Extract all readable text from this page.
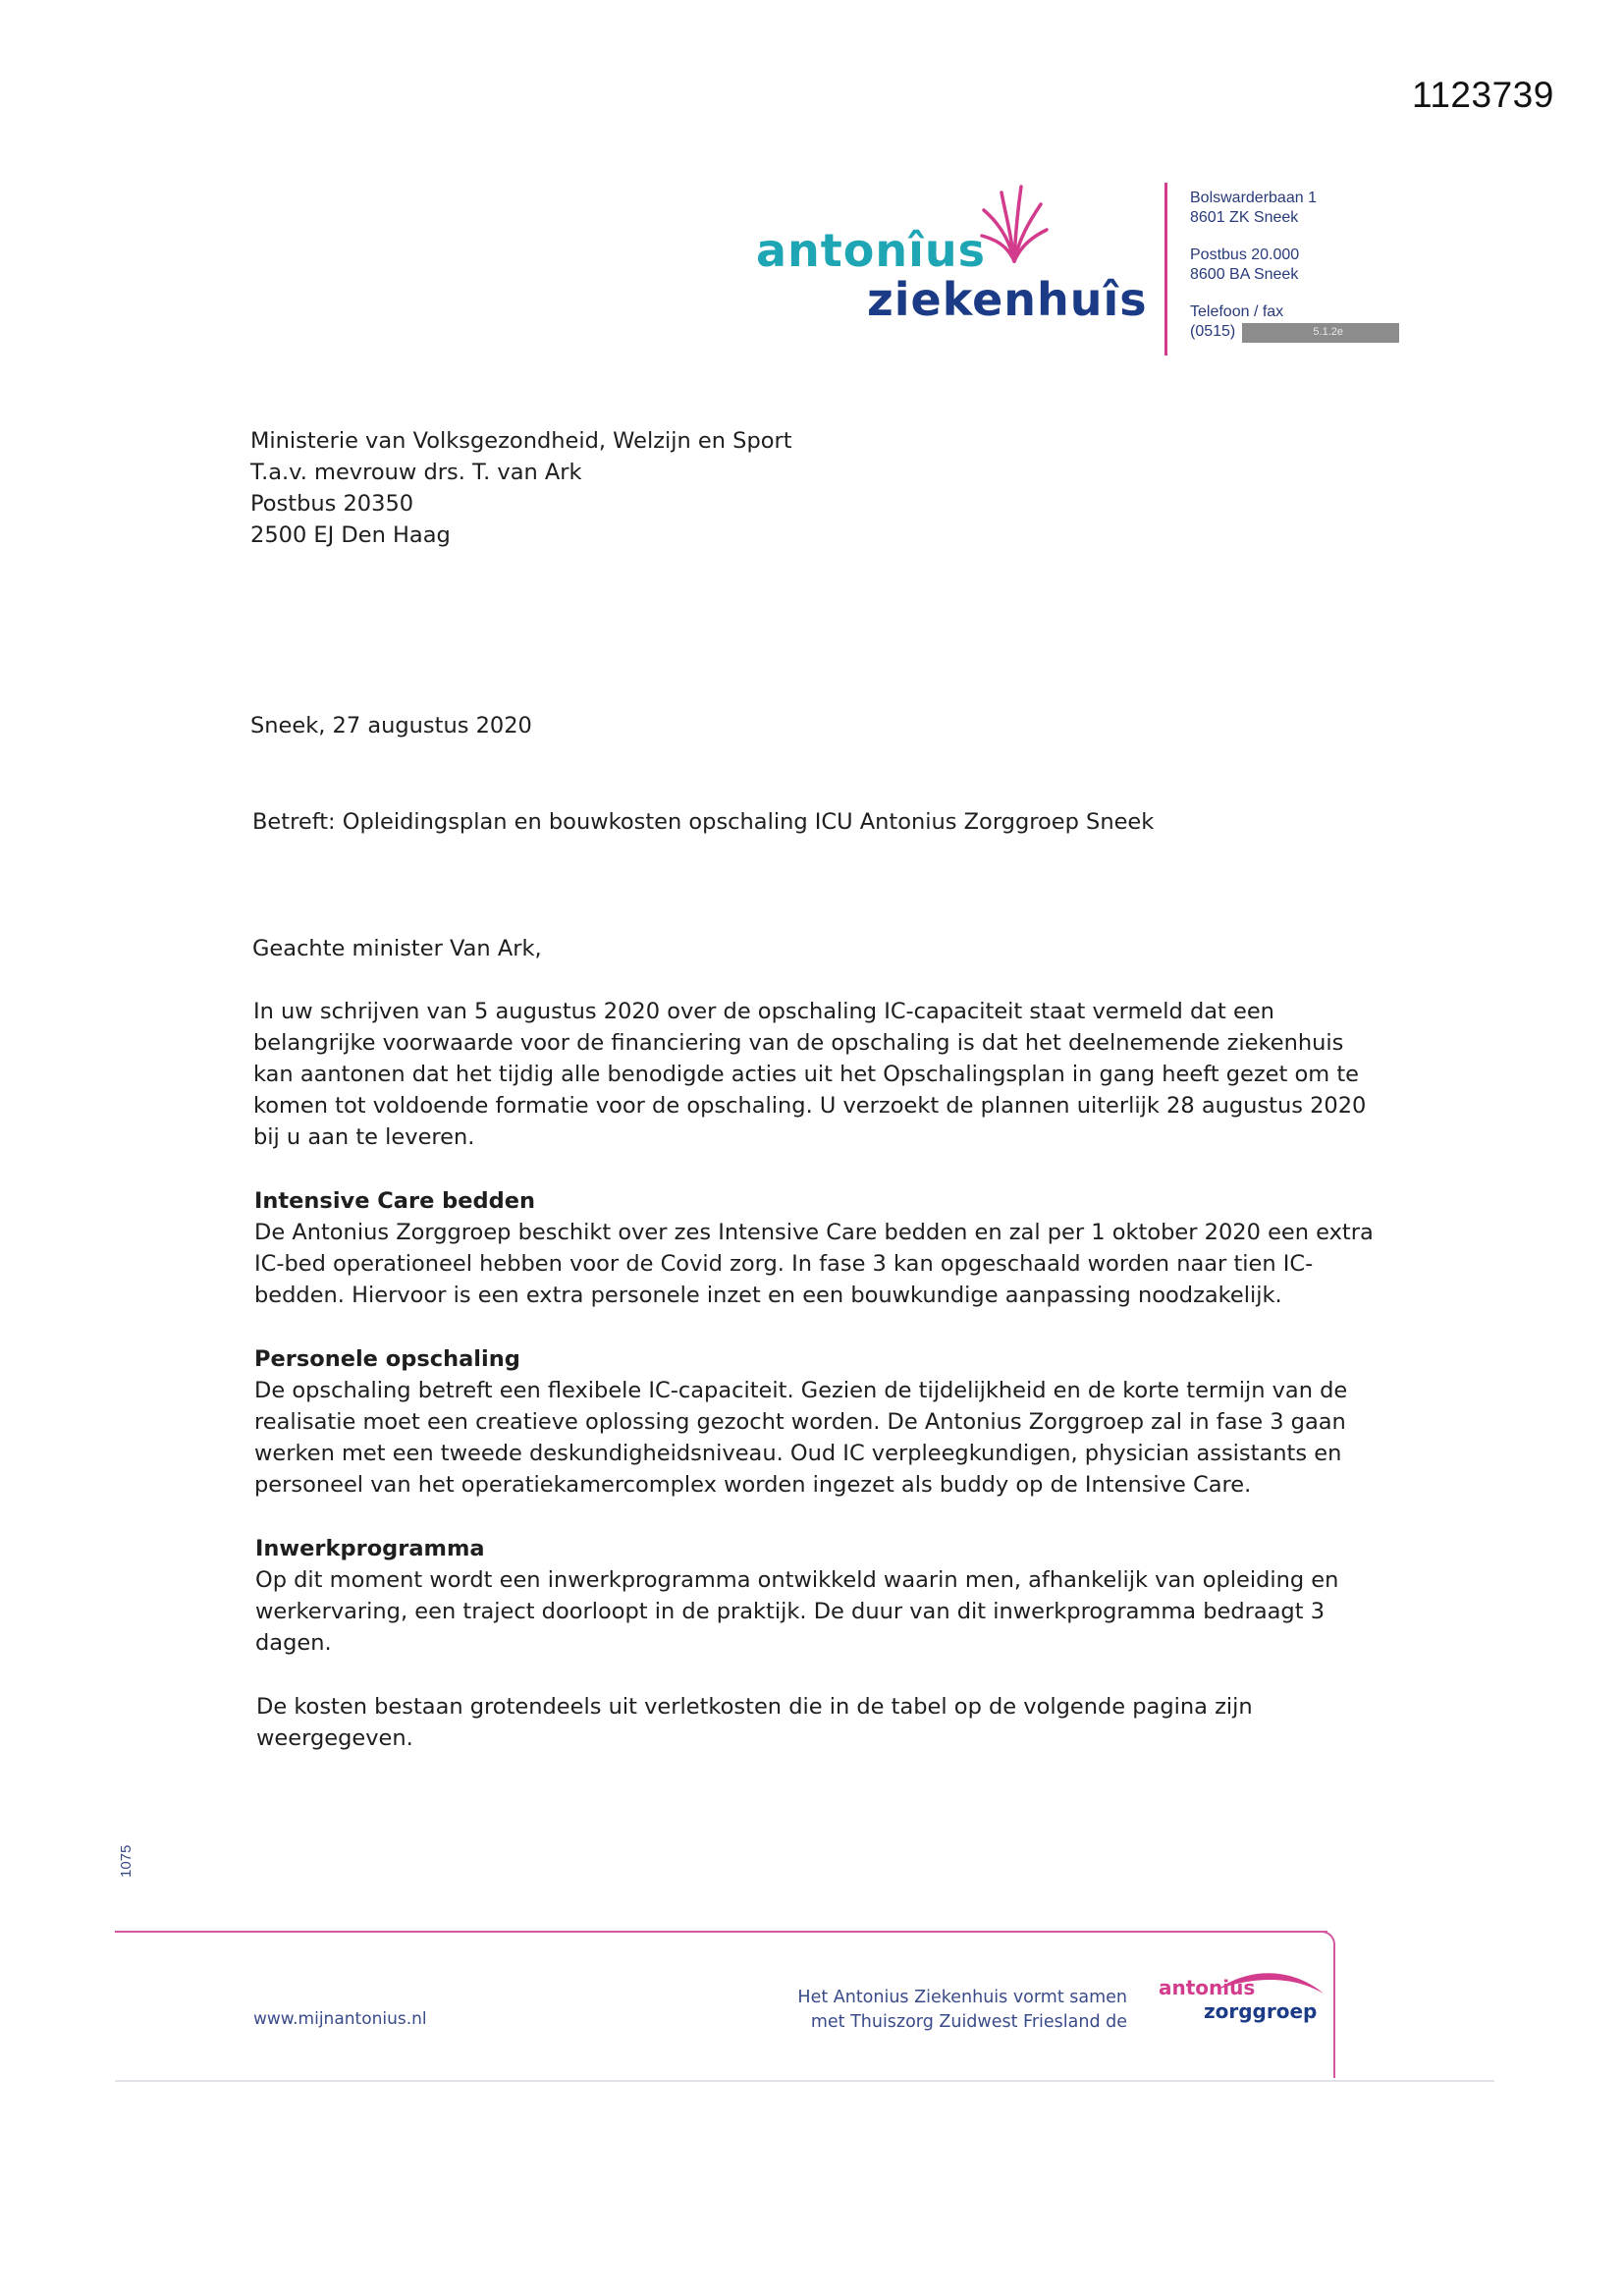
1123739
antonîus
ziekenhuîs
Bolswarderbaan 1
8601 ZK Sneek
Postbus 20.000
8600 BA Sneek
Telefoon / fax
(0515)	5.1.2e
Ministerie van Volksgezondheid, Welzijn en Sport
T.a.v. mevrouw drs. T. van Ark
Postbus 20350
2500 EJ Den Haag
Sneek, 27 augustus 2020
Betreft: Opleidingsplan en bouwkosten opschaling ICU Antonius Zorggroep Sneek
Geachte minister Van Ark,
In uw schrijven van 5 augustus 2020 over de opschaling IC-capaciteit staat vermeld dat een
belangrijke voorwaarde voor de financiering van de opschaling is dat het deelnemende ziekenhuis
kan aantonen dat het tijdig alle benodigde acties uit het Opschalingsplan in gang heeft gezet om te
komen tot voldoende formatie voor de opschaling. U verzoekt de plannen uiterlijk 28 augustus 2020
bij u aan te leveren.
Intensive Care bedden
De Antonius Zorggroep beschikt over zes Intensive Care bedden en zal per 1 oktober 2020 een extra
IC-bed operationeel hebben voor de Covid zorg. In fase 3 kan opgeschaald worden naar tien IC-
bedden. Hiervoor is een extra personele inzet en een bouwkundige aanpassing noodzakelijk.
Personele opschaling
De opschaling betreft een flexibele IC-capaciteit. Gezien de tijdelijkheid en de korte termijn van de
realisatie moet een creatieve oplossing gezocht worden. De Antonius Zorggroep zal in fase 3 gaan
werken met een tweede deskundigheidsniveau. Oud IC verpleegkundigen, physician assistants en
personeel van het operatiekamercomplex worden ingezet als buddy op de Intensive Care.
Inwerkprogramma
Op dit moment wordt een inwerkprogramma ontwikkeld waarin men, afhankelijk van opleiding en
werkervaring, een traject doorloopt in de praktijk. De duur van dit inwerkprogramma bedraagt 3
dagen.
De kosten bestaan grotendeels uit verletkosten die in de tabel op de volgende pagina zijn
weergegeven.
1075
www.mijnantonius.nl
Het Antonius Ziekenhuis vormt samen
met Thuiszorg Zuidwest Friesland de
antonius
zorggroep
